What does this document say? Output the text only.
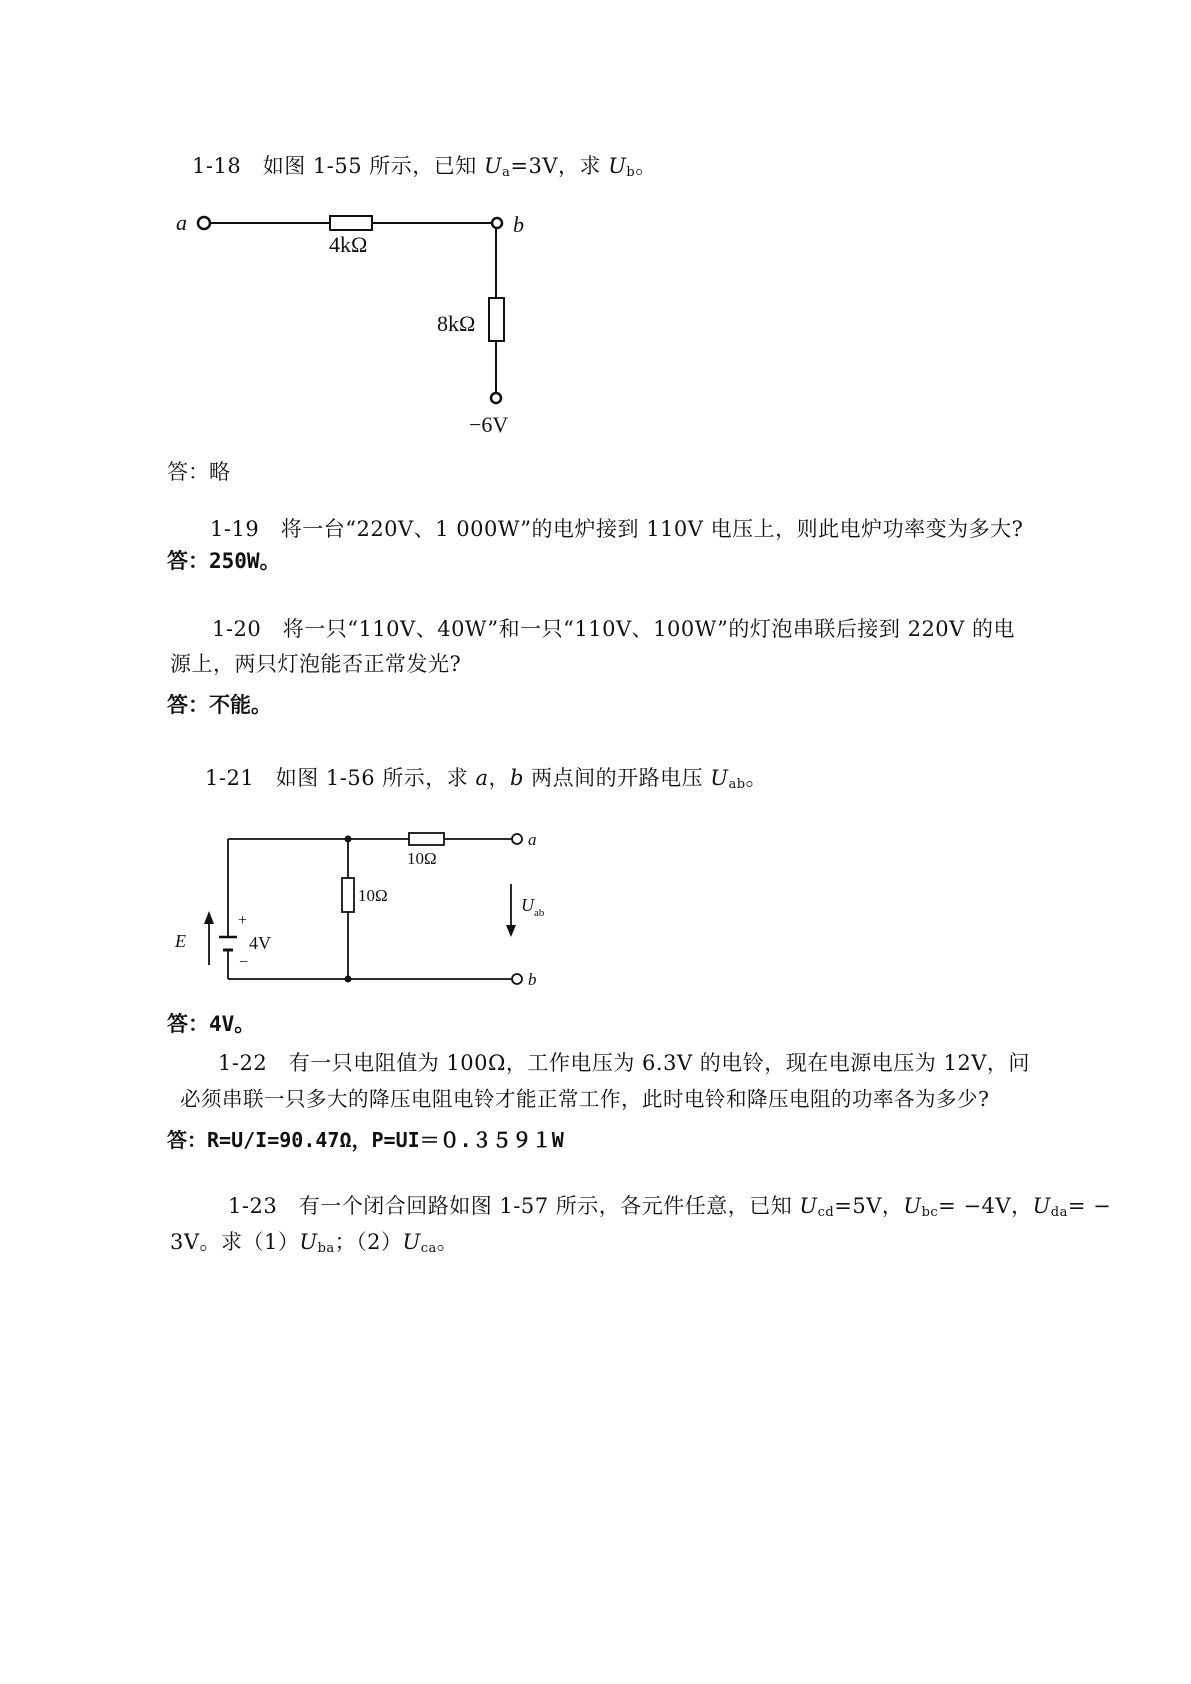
1-18 如图 1-55 所示，已知 $U_a=3V$，求 $U_b$。
a	b
4kΩ
8kΩ
−6V
答：略
1-19 将一台“220V、1 000W”的电炉接到 110V 电压上，则此电炉功率变为多大?
答：250W。
1-20 将一只“110V、40W”和一只“110V、100W”的灯泡串联后接到 220V 的电
源上，两只灯泡能否正常发光?
答：不能。
1-21 如图 1-56 所示，求 a，b 两点间的开路电压 $U_{ab}$。
a
b
10Ω
10Ω
E	4V
+
−
$U_{ab}$
答：4V。
1-22 有一只电阻值为 100Ω，工作电压为 6.3V 的电铃，现在电源电压为 12V，问
必须串联一只多大的降压电阻电铃才能正常工作，此时电铃和降压电阻的功率各为多少?
答：R=U/I=90.47Ω，P=UI＝０.３５９１W
1-23 有一个闭合回路如图 1-57 所示，各元件任意，已知 $U_{cd}=5V$，$U_{bc}= -4V$，$U_{da}=$ −
3V。求$(1)U_{ba}$；$(2)U_{ca}$。
